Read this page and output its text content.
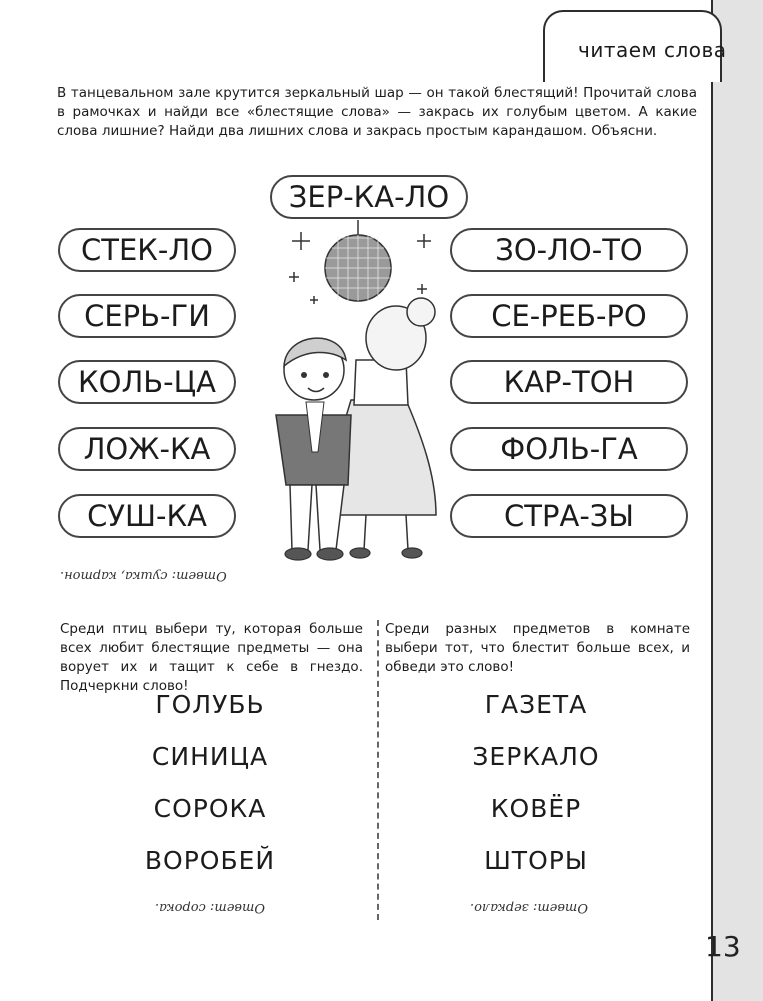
читаем слова
В танцевальном зале крутится зеркальный шар — он такой блестящий! Прочитай слова в рамочках и найди все «блестящие слова» — закрась их голубым цветом. А какие слова лишние? Найди два лишних слова и закрась простым карандашом. Объясни.
ЗЕР-КА-ЛО
СТЕК-ЛО
СЕРЬ-ГИ
КОЛЬ-ЦА
ЛОЖ-КА
СУШ-КА
ЗО-ЛО-ТО
СЕ-РЕБ-РО
КАР-ТОН
ФОЛЬ-ГА
СТРА-ЗЫ
Ответ: сушка, картон.
Среди птиц выбери ту, которая больше всех любит блестящие предметы — она ворует их и тащит к себе в гнездо. Подчеркни слово!
ГОЛУБЬ
СИНИЦА
СОРОКА
ВОРОБЕЙ
Ответ: сорока.
Среди разных предметов в комнате выбери тот, что блестит больше всех, и обведи это слово!
ГАЗЕТА
ЗЕРКАЛО
КОВЁР
ШТОРЫ
Ответ: зеркало.
13
